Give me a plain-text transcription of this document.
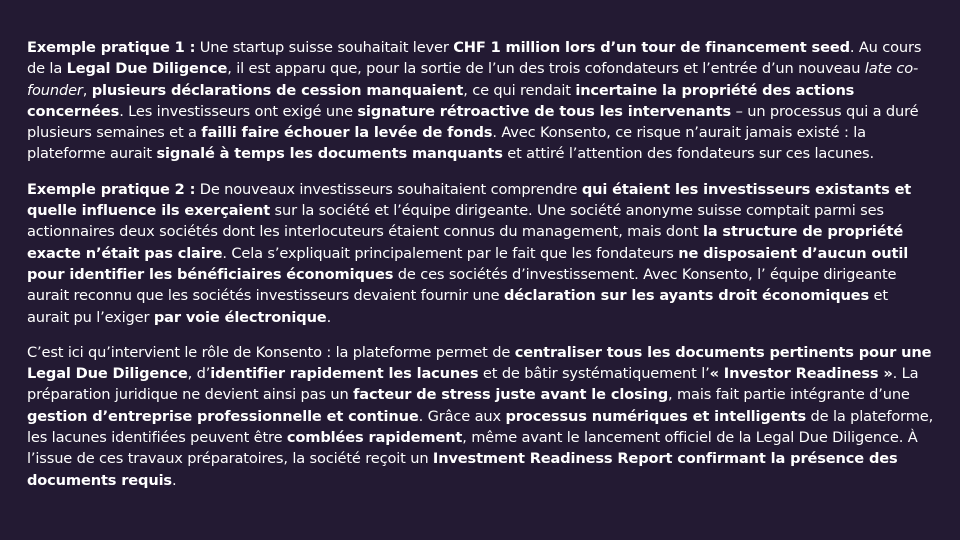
Exemple pratique 1 : Une startup suisse souhaitait lever CHF 1 million lors d’un tour de financement seed. Au cours de la Legal Due Diligence, il est apparu que, pour la sortie de l’un des trois cofondateurs et l’entrée d’un nouveau late co-founder, plusieurs déclarations de cession manquaient, ce qui rendait incertaine la propriété des actions concernées. Les investisseurs ont exigé une signature rétroactive de tous les intervenants – un processus qui a duré plusieurs semaines et a failli faire échouer la levée de fonds. Avec Konsento, ce risque n’aurait jamais existé : la plateforme aurait signalé à temps les documents manquants et attiré l’attention des fondateurs sur ces lacunes.

Exemple pratique 2 : De nouveaux investisseurs souhaitaient comprendre qui étaient les investisseurs existants et quelle influence ils exerçaient sur la société et l’équipe dirigeante. Une société anonyme suisse comptait parmi ses actionnaires deux sociétés dont les interlocuteurs étaient connus du management, mais dont la structure de propriété exacte n’était pas claire. Cela s’expliquait principalement par le fait que les fondateurs ne disposaient d’aucun outil pour identifier les bénéficiaires économiques de ces sociétés d’investissement. Avec Konsento, l’ équipe dirigeante aurait reconnu que les sociétés investisseurs devaient fournir une déclaration sur les ayants droit économiques et aurait pu l’exiger par voie électronique.

C’est ici qu’intervient le rôle de Konsento : la plateforme permet de centraliser tous les documents pertinents pour une Legal Due Diligence, d’identifier rapidement les lacunes et de bâtir systématiquement l’« Investor Readiness ». La préparation juridique ne devient ainsi pas un facteur de stress juste avant le closing, mais fait partie intégrante d’une gestion d’entreprise professionnelle et continue. Grâce aux processus numériques et intelligents de la plateforme, les lacunes identifiées peuvent être comblées rapidement, même avant le lancement officiel de la Legal Due Diligence. À l’issue de ces travaux préparatoires, la société reçoit un Investment Readiness Report confirmant la présence des documents requis.
